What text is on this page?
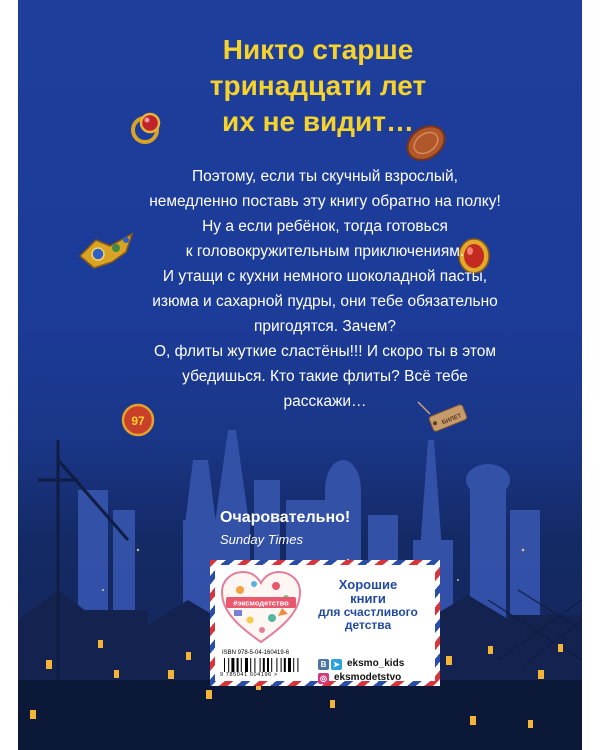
Никто старше
тринадцати лет
их не видит…
97	БИЛЕТ

Поэтому, если ты скучный взрослый,
немедленно поставь эту книгу обратно на полку!
Ну а если ребёнок, тогда готовься
к головокружительным приключениям.
И утащи с кухни немного шоколадной пасты,
изюма и сахарной пудры, они тебе обязательно
пригодятся. Зачем?
О, флиты жуткие сластёны!!! И скоро ты в этом
убедишься. Кто такие флиты? Всё тебе
расскажи…

Очаровательно!

Sunday Times

#эксмодетство

Хорошие
книги
для счастливого
детства

ISBN 978-5-04-160419-6

9 785041 604196 >

В ➤ eksmo_kids
◎ eksmodetstvo
